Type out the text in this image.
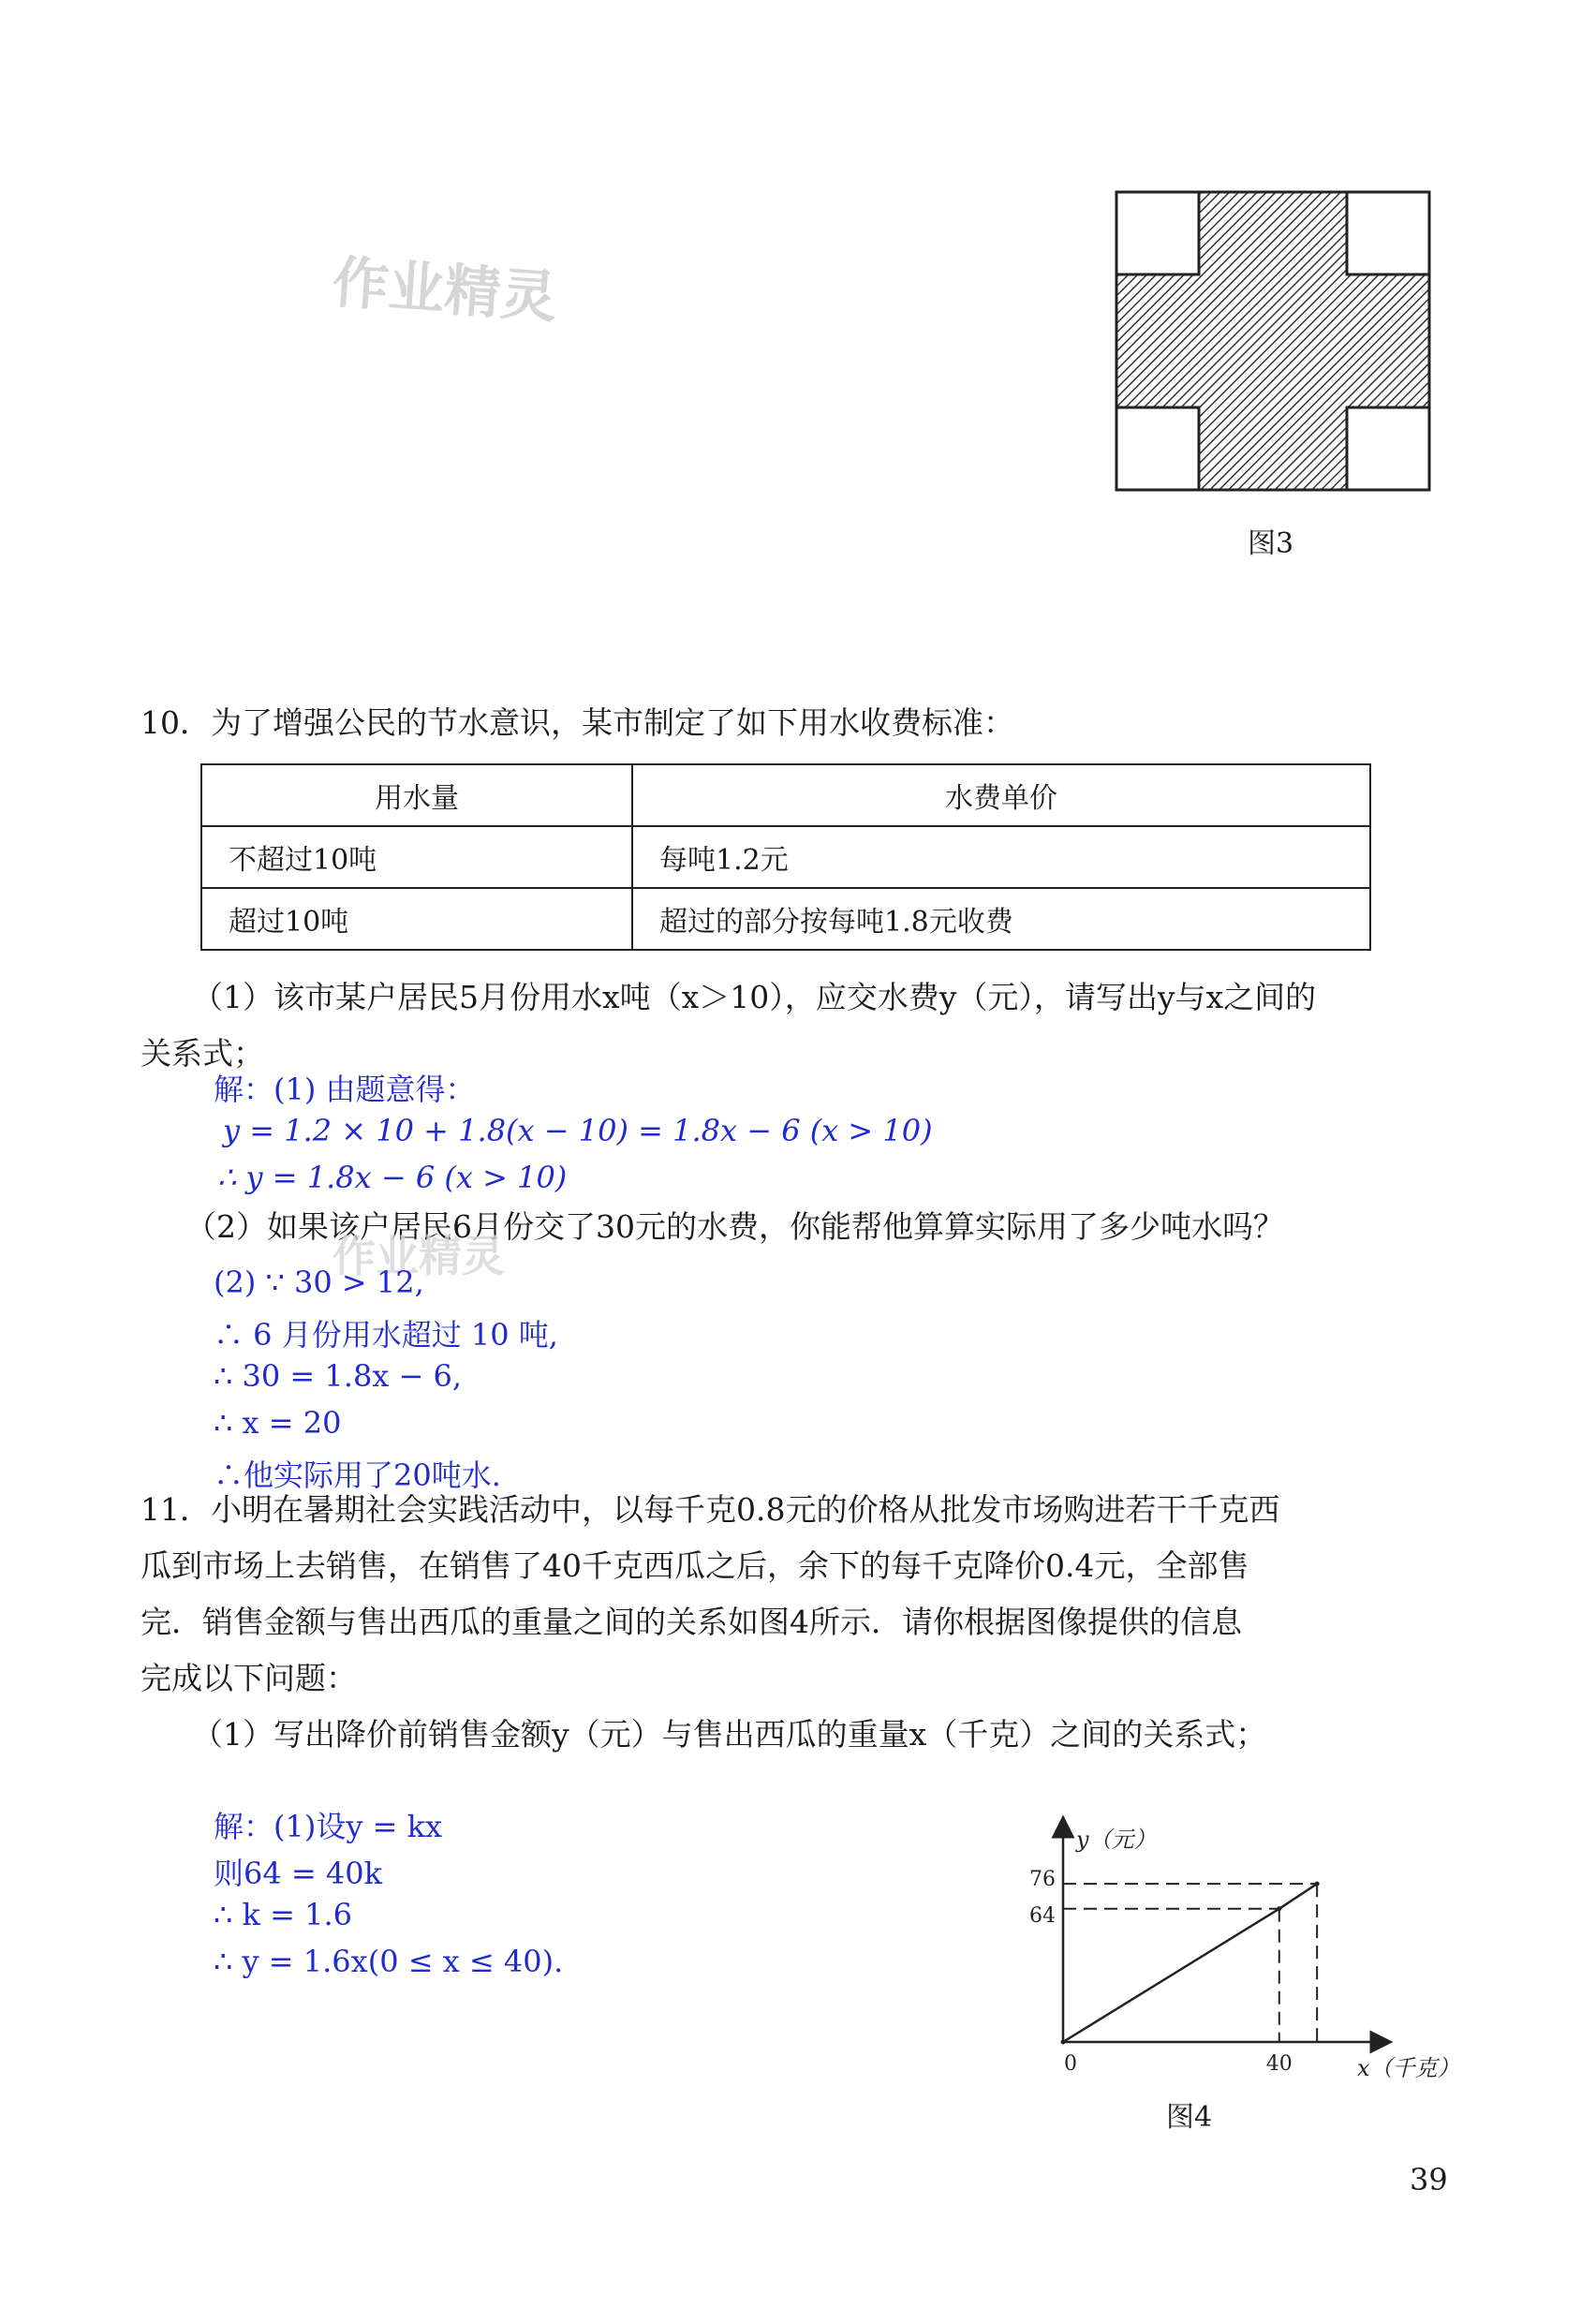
作业精灵
图3
10．为了增强公民的节水意识，某市制定了如下用水收费标准：
用水量	水费单价
不超过10吨	每吨1.2元
超过10吨	超过的部分按每吨1.8元收费
（1）该市某户居民5月份用水x吨（x＞10），应交水费y（元），请写出y与x之间的
关系式；
解：(1) 由题意得：
y = 1.2 × 10 + 1.8(x − 10) = 1.8x − 6 (x > 10)
∴ y = 1.8x − 6 (x > 10)
（2）如果该户居民6月份交了30元的水费，你能帮他算算实际用了多少吨水吗？
作业精灵
(2) ∵ 30 > 12,
∴ 6 月份用水超过 10 吨,
∴ 30 = 1.8x − 6,
∴ x = 20
∴他实际用了20吨水.
11．小明在暑期社会实践活动中，以每千克0.8元的价格从批发市场购进若干千克西
瓜到市场上去销售，在销售了40千克西瓜之后，余下的每千克降价0.4元，全部售
完．销售金额与售出西瓜的重量之间的关系如图4所示．请你根据图像提供的信息
完成以下问题：
（1）写出降价前销售金额y（元）与售出西瓜的重量x（千克）之间的关系式；
解：(1)设y = kx
则64 = 40k
∴ k = 1.6
∴ y = 1.6x(0 ≤ x ≤ 40).
64
76
0	40
y（元）
x（千克）
图4
39
